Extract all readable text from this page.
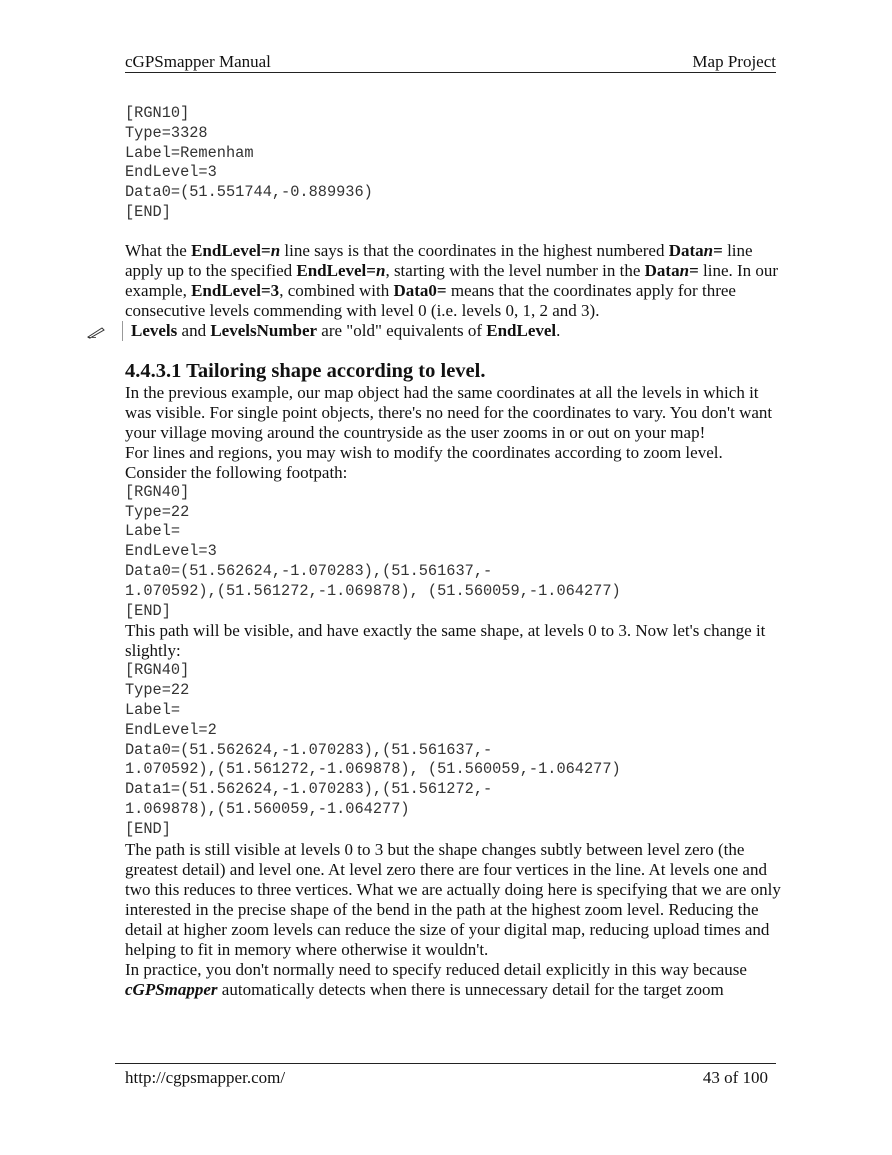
cGPSmapper Manual	Map Project
[RGN10]
Type=3328
Label=Remenham
EndLevel=3
Data0=(51.551744,-0.889936)
[END]

What the EndLevel=n line says is that the coordinates in the highest numbered Datan= line apply up to the specified EndLevel=n, starting with the level number in the Datan= line. In our example, EndLevel=3, combined with Data0= means that the coordinates apply for three consecutive levels commending with level 0 (i.e. levels 0, 1, 2 and 3).

Levels and LevelsNumber are "old" equivalents of EndLevel.
4.4.3.1 Tailoring shape according to level.

In the previous example, our map object had the same coordinates at all the levels in which it was visible. For single point objects, there's no need for the coordinates to vary. You don't want your village moving around the countryside as the user zooms in or out on your map!

For lines and regions, you may wish to modify the coordinates according to zoom level. Consider the following footpath:

[RGN40]
Type=22
Label=
EndLevel=3
Data0=(51.562624,-1.070283),(51.561637,-
1.070592),(51.561272,-1.069878), (51.560059,-1.064277)
[END]

This path will be visible, and have exactly the same shape, at levels 0 to 3. Now let's change it slightly:

[RGN40]
Type=22
Label=
EndLevel=2
Data0=(51.562624,-1.070283),(51.561637,-
1.070592),(51.561272,-1.069878), (51.560059,-1.064277)
Data1=(51.562624,-1.070283),(51.561272,-
1.069878),(51.560059,-1.064277)
[END]

The path is still visible at levels 0 to 3 but the shape changes subtly between level zero (the greatest detail) and level one. At level zero there are four vertices in the line. At levels one and two this reduces to three vertices. What we are actually doing here is specifying that we are only interested in the precise shape of the bend in the path at the highest zoom level. Reducing the detail at higher zoom levels can reduce the size of your digital map, reducing upload times and helping to fit in memory where otherwise it wouldn't.

In practice, you don't normally need to specify reduced detail explicitly in this way because cGPSmapper automatically detects when there is unnecessary detail for the target zoom

http://cgpsmapper.com/	43 of 100
